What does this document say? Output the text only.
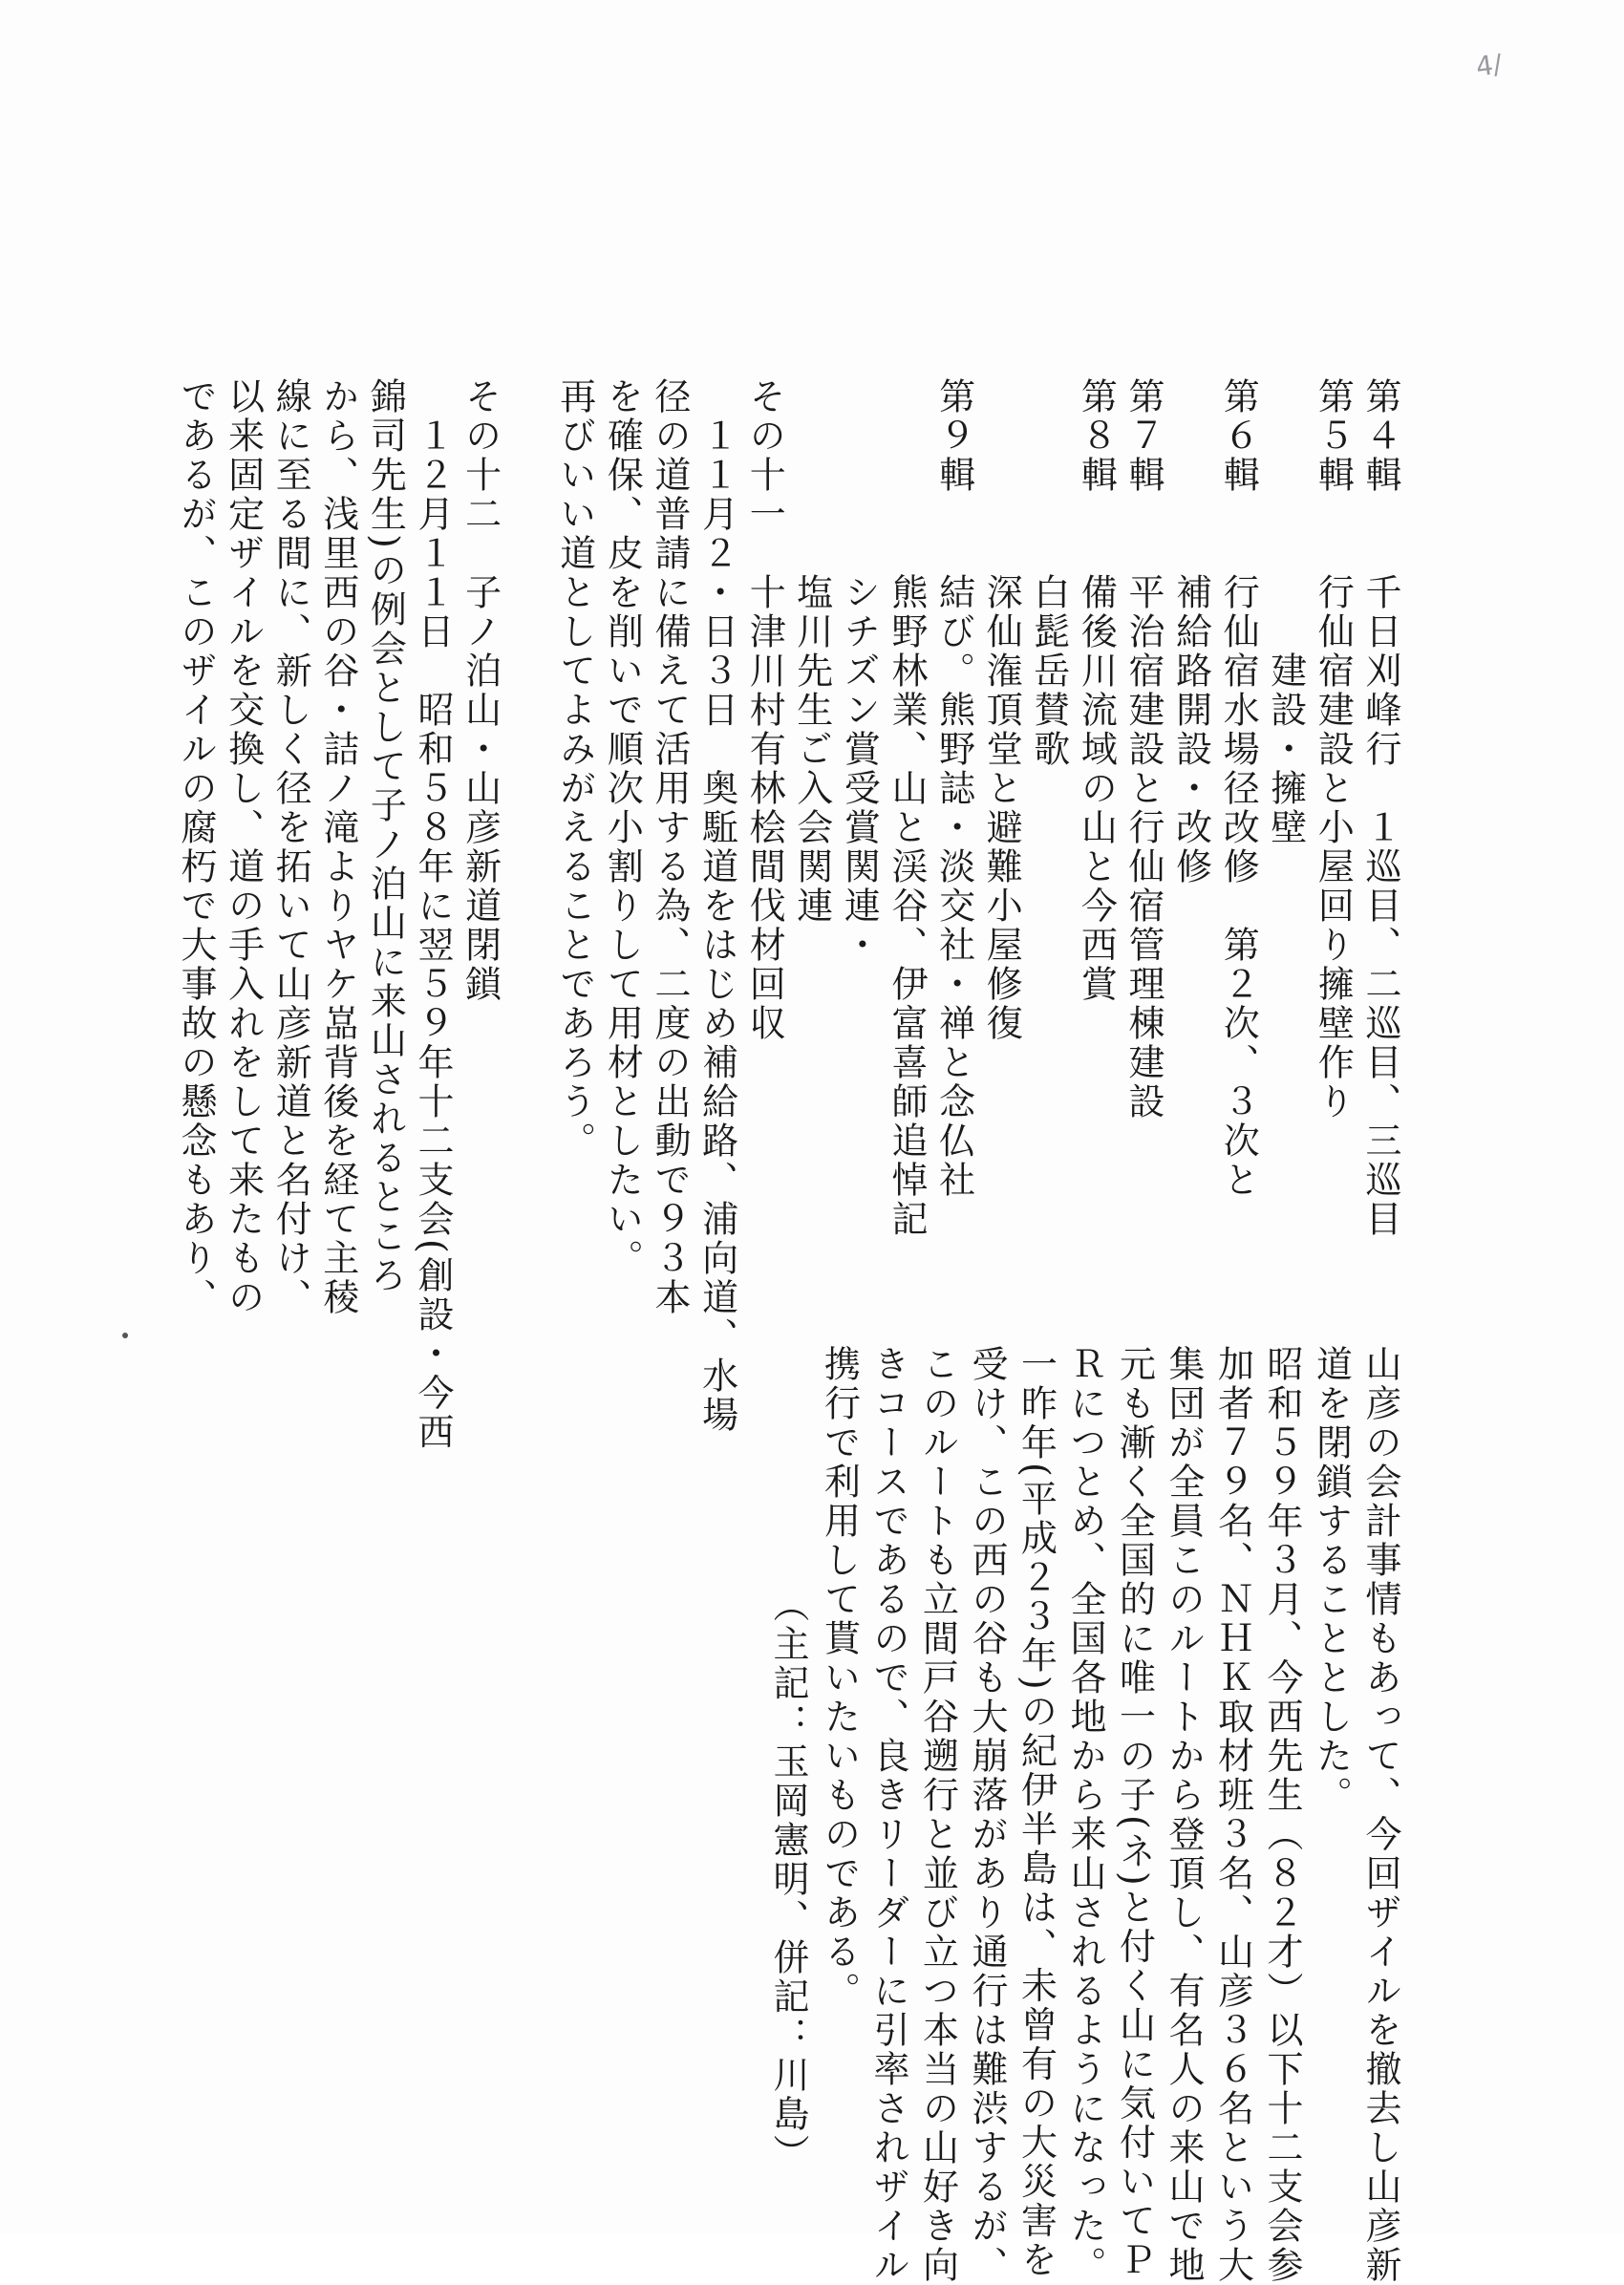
4/
第４輯　　千日刈峰行　１巡目、二巡目、三巡目
第５輯　　行仙宿建設と小屋回り擁壁作り
　　　　　　　建設・擁壁
第６輯　　行仙宿水場径改修　第２次、３次と
　　　　　補給路開設・改修
第７輯　　平治宿建設と行仙宿管理棟建設
第８輯　　備後川流域の山と今西賞
　　　　　白髭岳賛歌
　　　　　深仙潅頂堂と避難小屋修復
第９輯　　結び。熊野誌・淡交社・禅と念仏社
　　　　　熊野林業、山と渓谷、伊富喜師追悼記
　　　　　シチズン賞受賞関連・
　　　　　塩川先生ご入会関連
その十一　十津川村有林桧間伐材回収
　１１月２・日３日　奥駈道をはじめ補給路、浦向道、水場
径の道普請に備えて活用する為、二度の出動で９３本
を確保、皮を削いで順次小割りして用材としたい。
再びいい道としてよみがえることであろう。
その十二　子ノ泊山・山彦新道閉鎖
　１２月１１日　昭和５８年に翌５９年十二支会(創設・今西
錦司先生)の例会として子ノ泊山に来山されるところ
から、浅里西の谷・詰ノ滝よりヤケ嵓背後を経て主稜
線に至る間に、新しく径を拓いて山彦新道と名付け、
以来固定ザイルを交換し、道の手入れをして来たもの
であるが、このザイルの腐朽で大事故の懸念もあり、
山彦の会計事情もあって、今回ザイルを撤去し山彦新
道を閉鎖することとした。
昭和５９年３月、今西先生（８２才）以下十二支会参
加者７９名、ＮＨＫ取材班３名、山彦３６名という大
集団が全員このルートから登頂し、有名人の来山で地
元も漸く全国的に唯一の子(ネ)と付く山に気付いてＰ
Ｒにつとめ、全国各地から来山されるようになった。
一昨年(平成２３年)の紀伊半島は、未曾有の大災害を
受け、この西の谷も大崩落があり通行は難渋するが、
このルートも立間戸谷遡行と並び立つ本当の山好き向
きコースであるので、良きリーダーに引率されザイル
携行で利用して貰いたいものである。
（主記：玉岡憲明、併記：川島）
